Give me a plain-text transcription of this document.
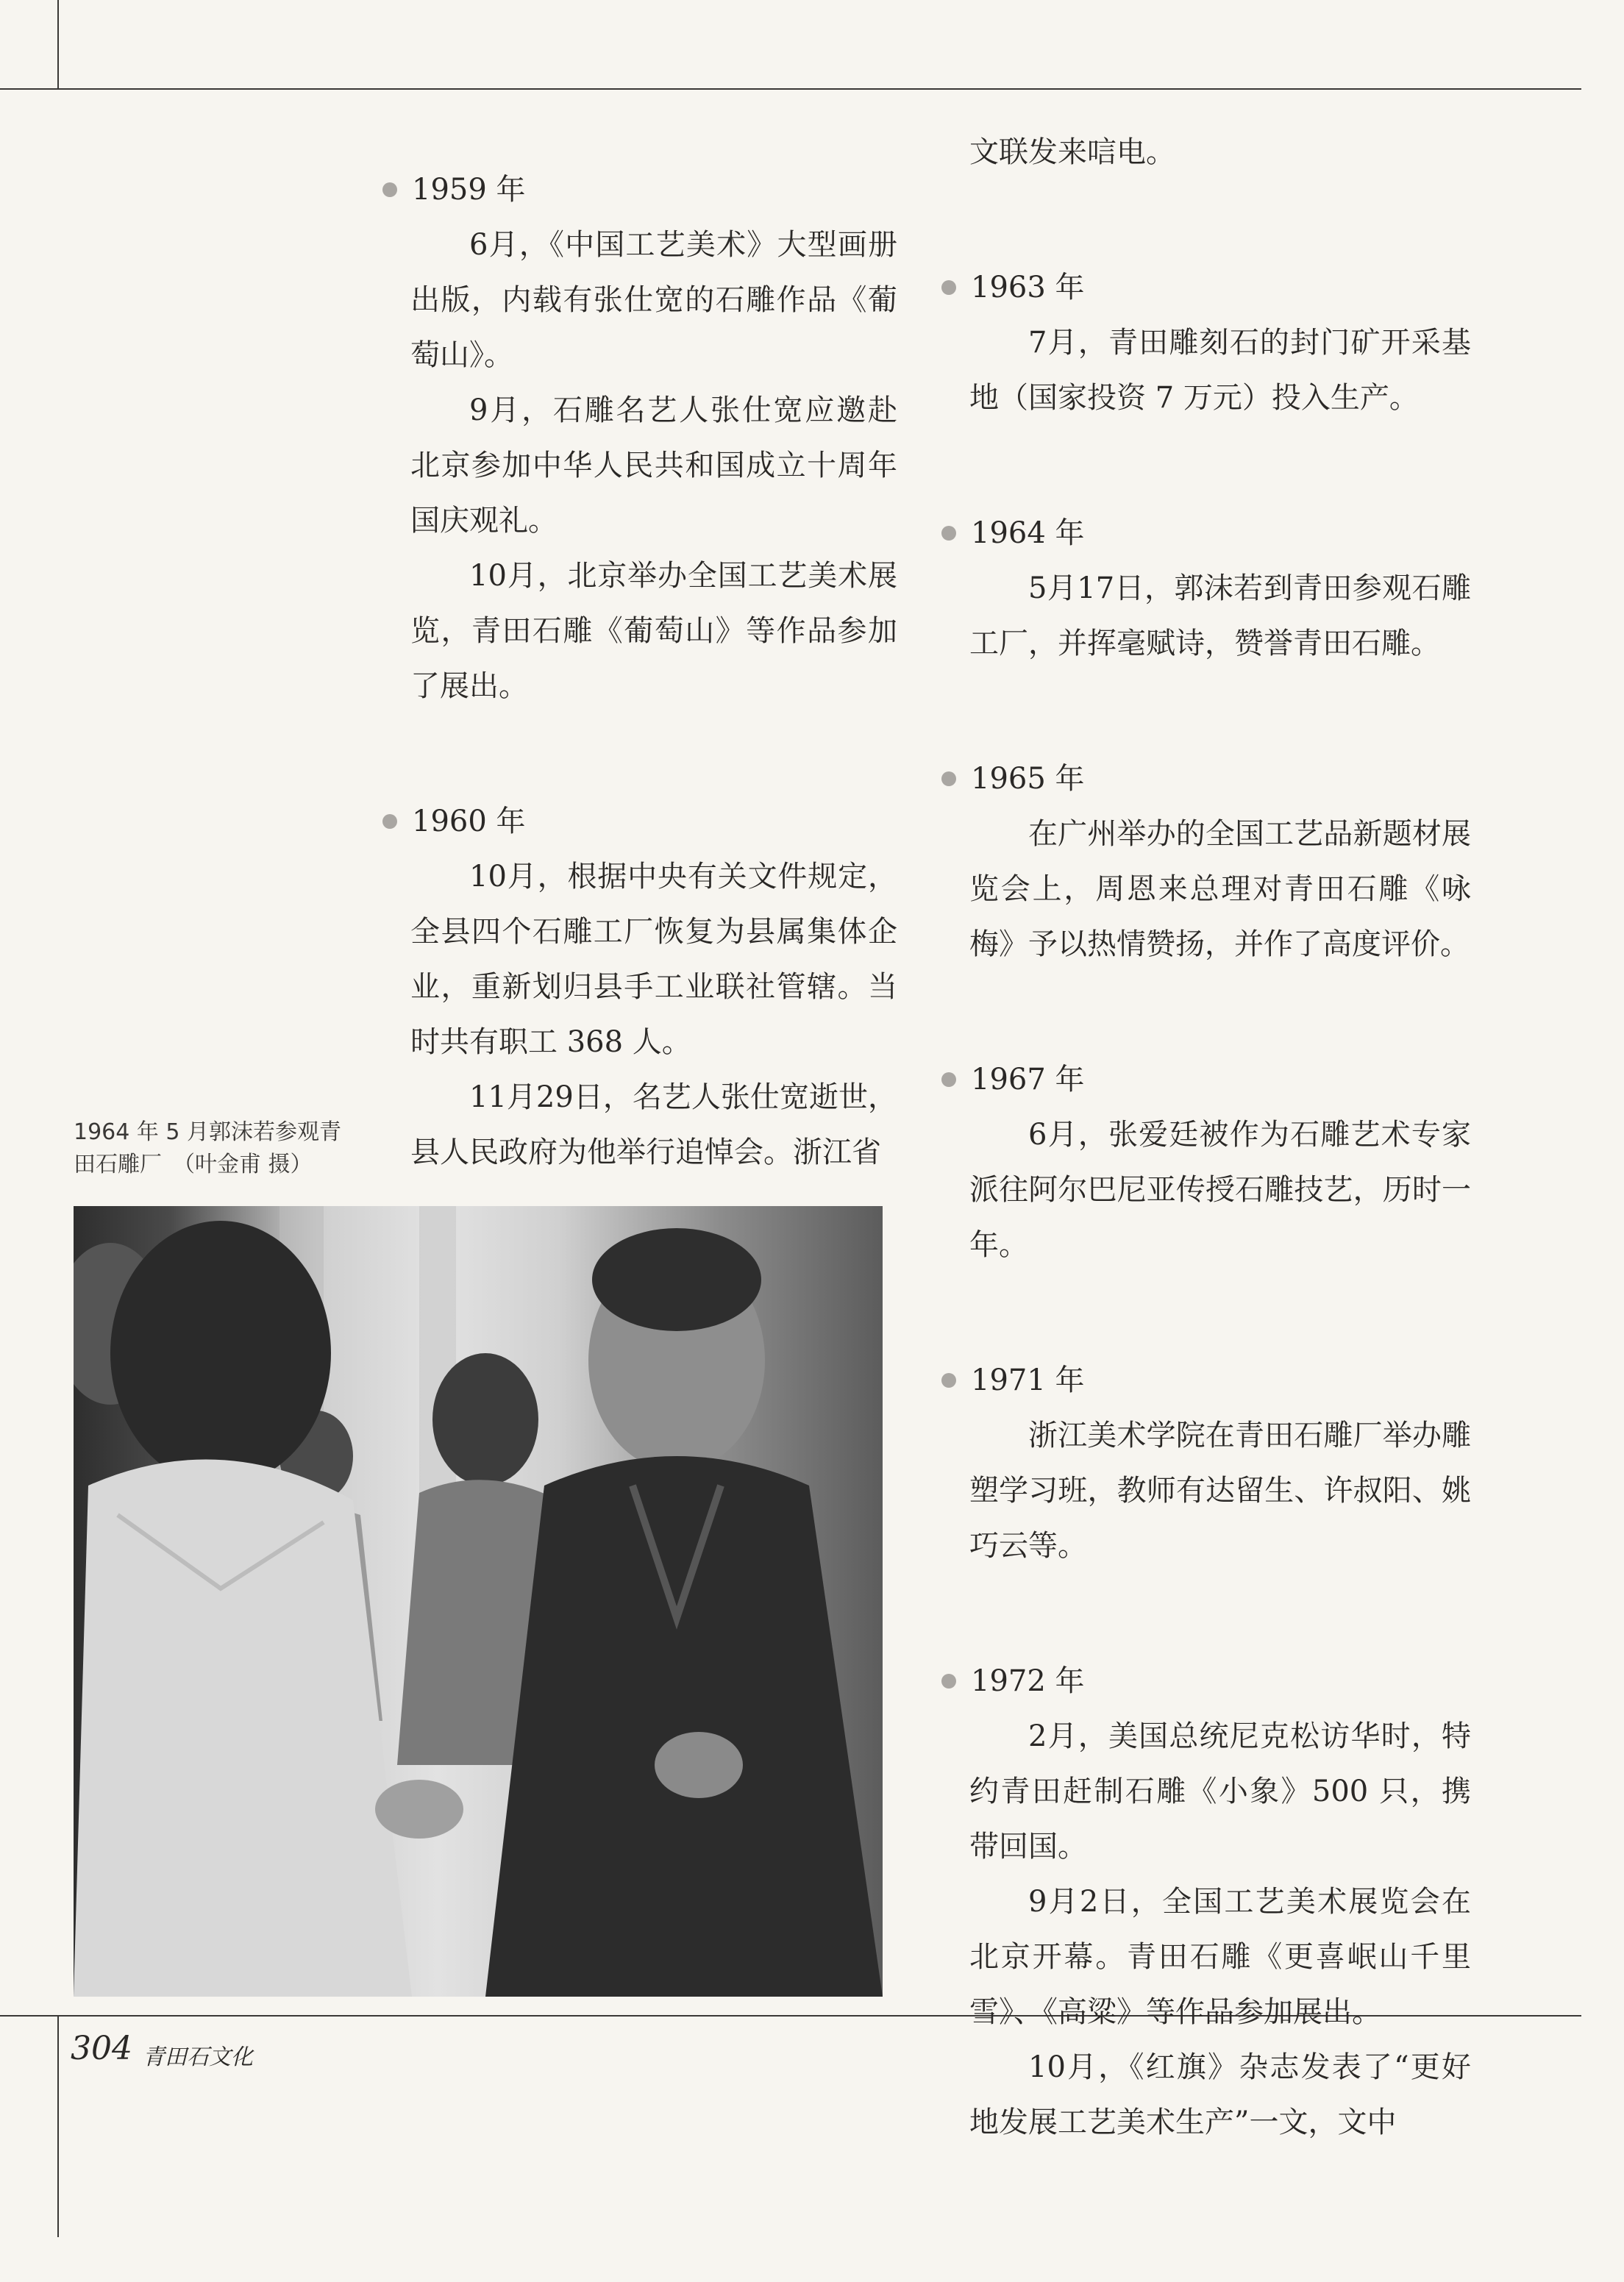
1959 年
6月，《中国工艺美术》大型画册出版，内载有张仕宽的石雕作品《葡萄山》。
9月，石雕名艺人张仕宽应邀赴北京参加中华人民共和国成立十周年国庆观礼。
10月，北京举办全国工艺美术展览，青田石雕《葡萄山》等作品参加了展出。
1960 年
10月，根据中央有关文件规定，全县四个石雕工厂恢复为县属集体企业，重新划归县手工业联社管辖。当时共有职工 368 人。
11月29日，名艺人张仕宽逝世，县人民政府为他举行追悼会。浙江省
文联发来唁电。
1963 年
7月，青田雕刻石的封门矿开采基地（国家投资 7 万元）投入生产。
1964 年
5月17日，郭沫若到青田参观石雕工厂，并挥毫赋诗，赞誉青田石雕。
1965 年
在广州举办的全国工艺品新题材展览会上，周恩来总理对青田石雕《咏梅》予以热情赞扬，并作了高度评价。
1967 年
6月，张爱廷被作为石雕艺术专家派往阿尔巴尼亚传授石雕技艺，历时一年。
1971 年
浙江美术学院在青田石雕厂举办雕塑学习班，教师有达留生、许叔阳、姚巧云等。
1972 年
2月，美国总统尼克松访华时，特约青田赶制石雕《小象》500 只，携带回国。
9月2日，全国工艺美术展览会在北京开幕。青田石雕《更喜岷山千里雪》、《高粱》等作品参加展出。
10月，《红旗》杂志发表了“更好地发展工艺美术生产”一文，文中
1964 年 5 月郭沫若参观青田石雕厂　（叶金甫 摄）
304 青田石文化
